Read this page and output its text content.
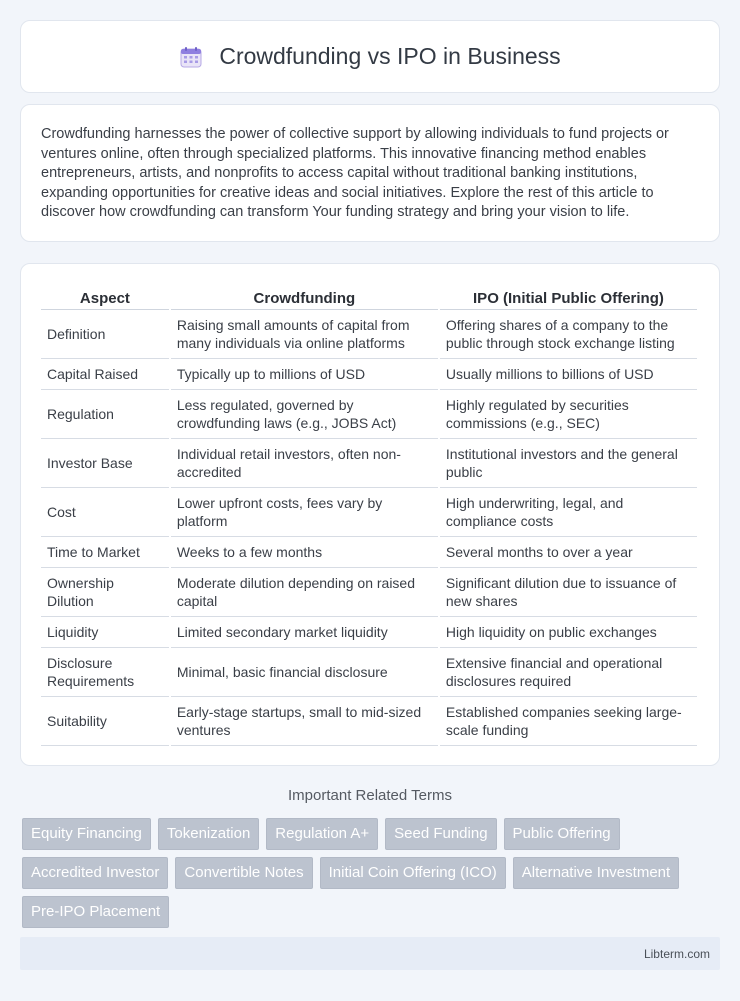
Crowdfunding vs IPO in Business

Crowdfunding harnesses the power of collective support by allowing individuals to fund projects or ventures online, often through specialized platforms. This innovative financing method enables entrepreneurs, artists, and nonprofits to access capital without traditional banking institutions, expanding opportunities for creative ideas and social initiatives. Explore the rest of this article to discover how crowdfunding can transform Your funding strategy and bring your vision to life.

Aspect	Crowdfunding	IPO (Initial Public Offering)
Definition	Raising small amounts of capital from many individuals via online platforms	Offering shares of a company to the public through stock exchange listing
Capital Raised	Typically up to millions of USD	Usually millions to billions of USD
Regulation	Less regulated, governed by crowdfunding laws (e.g., JOBS Act)	Highly regulated by securities commissions (e.g., SEC)
Investor Base	Individual retail investors, often non-accredited	Institutional investors and the general public
Cost	Lower upfront costs, fees vary by platform	High underwriting, legal, and compliance costs
Time to Market	Weeks to a few months	Several months to over a year
Ownership Dilution	Moderate dilution depending on raised capital	Significant dilution due to issuance of new shares
Liquidity	Limited secondary market liquidity	High liquidity on public exchanges
Disclosure Requirements	Minimal, basic financial disclosure	Extensive financial and operational disclosures required
Suitability	Early-stage startups, small to mid-sized ventures	Established companies seeking large-scale funding
Important Related Terms
Equity Financing	Tokenization	Regulation A+	Seed Funding	Public Offering
Accredited Investor	Convertible Notes	Initial Coin Offering (ICO)	Alternative Investment
Pre-IPO Placement
Libterm.com
